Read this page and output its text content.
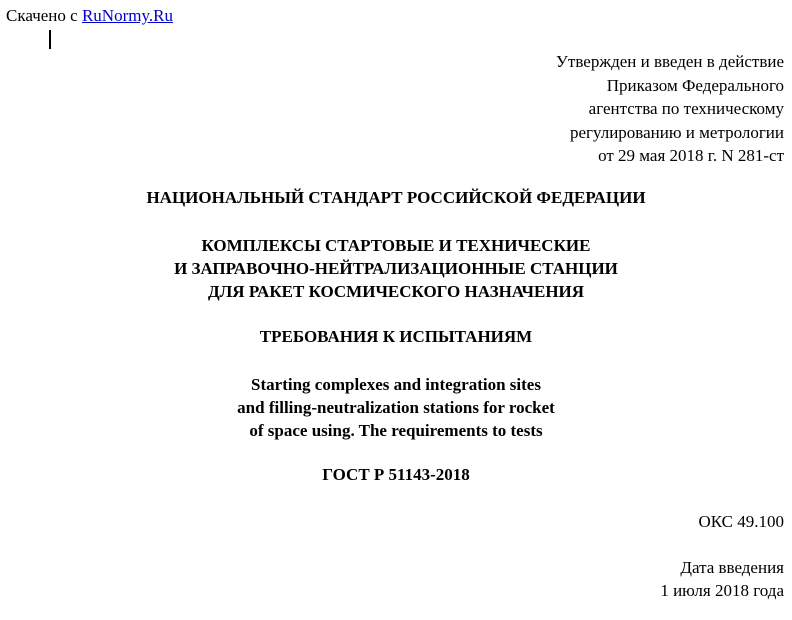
Скачено с RuNormy.Ru
Утвержден и введен в действие
Приказом Федерального
агентства по техническому
регулированию и метрологии
от 29 мая 2018 г. N 281-ст
НАЦИОНАЛЬНЫЙ СТАНДАРТ РОССИЙСКОЙ ФЕДЕРАЦИИ
КОМПЛЕКСЫ СТАРТОВЫЕ И ТЕХНИЧЕСКИЕ
И ЗАПРАВОЧНО-НЕЙТРАЛИЗАЦИОННЫЕ СТАНЦИИ
ДЛЯ РАКЕТ КОСМИЧЕСКОГО НАЗНАЧЕНИЯ
ТРЕБОВАНИЯ К ИСПЫТАНИЯМ
Starting complexes and integration sites
and filling-neutralization stations for rocket
of space using. The requirements to tests
ГОСТ Р 51143-2018
ОКС 49.100
Дата введения
1 июля 2018 года
